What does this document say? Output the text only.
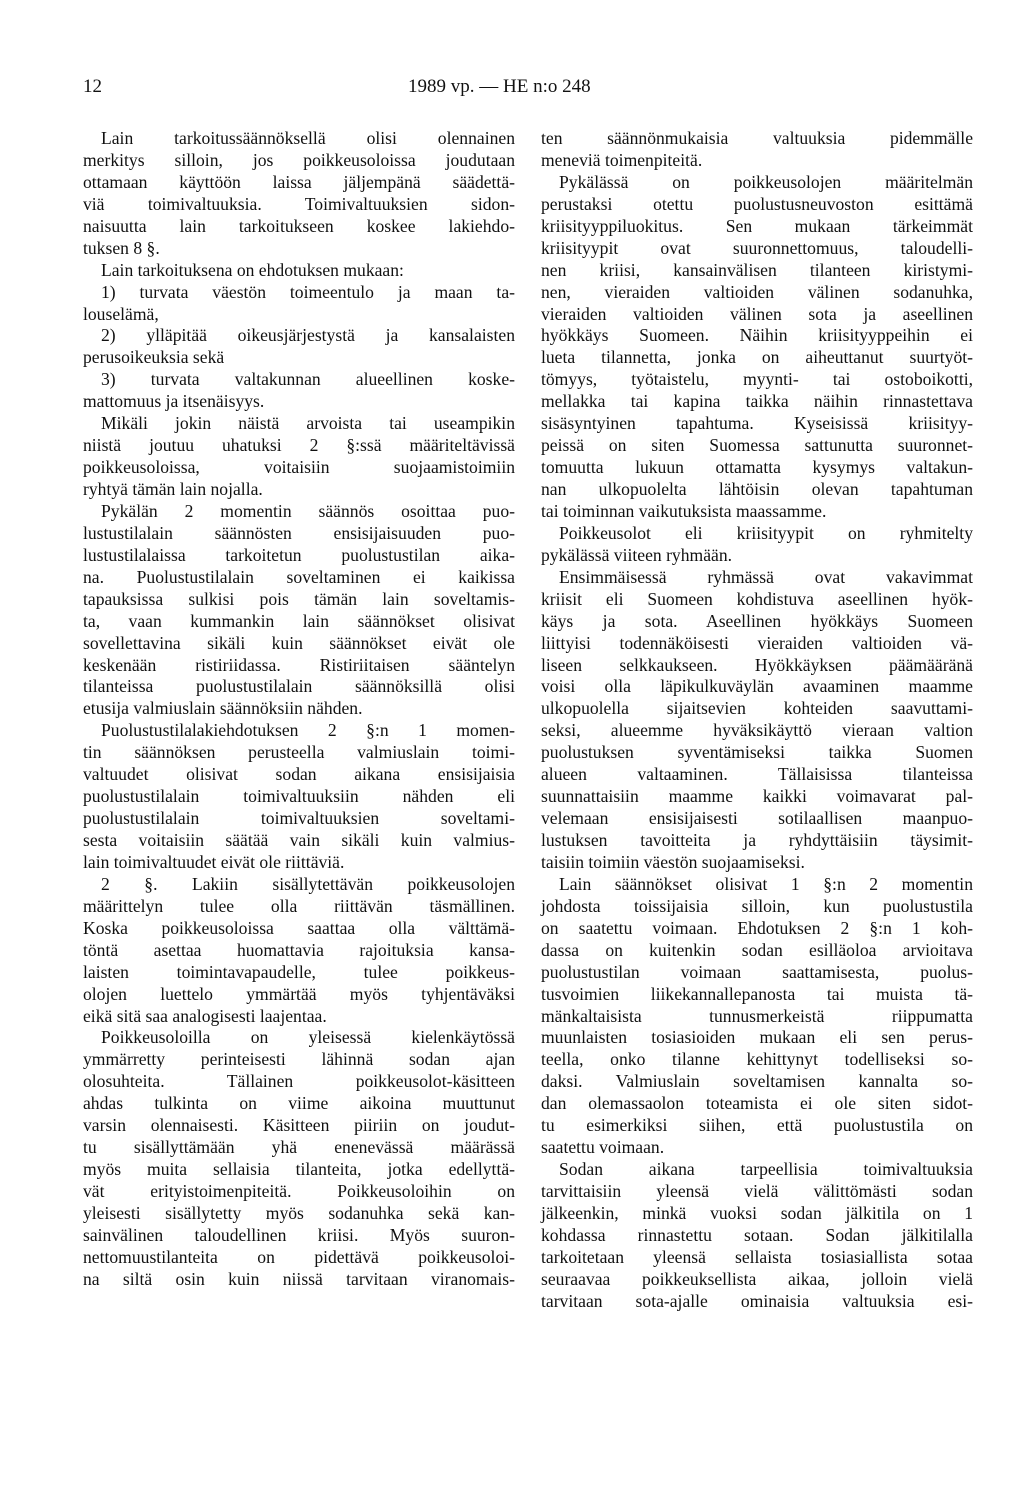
12	1989 vp. — HE n:o 248
Lain tarkoitussäännöksellä olisi olennainen
merkitys silloin, jos poikkeusoloissa joudutaan
ottamaan käyttöön laissa jäljempänä säädettä-
viä toimivaltuuksia. Toimivaltuuksien sidon-
naisuutta lain tarkoitukseen koskee lakiehdo-
tuksen 8 §.
Lain tarkoituksena on ehdotuksen mukaan:
1) turvata väestön toimeentulo ja maan ta-
louselämä,
2) ylläpitää oikeusjärjestystä ja kansalaisten
perusoikeuksia sekä
3) turvata valtakunnan alueellinen koske-
mattomuus ja itsenäisyys.
Mikäli jokin näistä arvoista tai useampikin
niistä joutuu uhatuksi 2 §:ssä määriteltävissä
poikkeusoloissa, voitaisiin suojaamistoimiin
ryhtyä tämän lain nojalla.
Pykälän 2 momentin säännös osoittaa puo-
lustustilalain säännösten ensisijaisuuden puo-
lustustilalaissa tarkoitetun puolustustilan aika-
na. Puolustustilalain soveltaminen ei kaikissa
tapauksissa sulkisi pois tämän lain soveltamis-
ta, vaan kummankin lain säännökset olisivat
sovellettavina sikäli kuin säännökset eivät ole
keskenään ristiriidassa. Ristiriitaisen sääntelyn
tilanteissa puolustustilalain säännöksillä olisi
etusija valmiuslain säännöksiin nähden.
Puolustustilalakiehdotuksen 2 §:n 1 momen-
tin säännöksen perusteella valmiuslain toimi-
valtuudet olisivat sodan aikana ensisijaisia
puolustustilalain toimivaltuuksiin nähden eli
puolustustilalain toimivaltuuksien soveltami-
sesta voitaisiin säätää vain sikäli kuin valmius-
lain toimivaltuudet eivät ole riittäviä.
2 §. Lakiin sisällytettävän poikkeusolojen
määrittelyn tulee olla riittävän täsmällinen.
Koska poikkeusoloissa saattaa olla välttämä-
töntä asettaa huomattavia rajoituksia kansa-
laisten toimintavapaudelle, tulee poikkeus-
olojen luettelo ymmärtää myös tyhjentäväksi
eikä sitä saa analogisesti laajentaa.
Poikkeusoloilla on yleisessä kielenkäytössä
ymmärretty perinteisesti lähinnä sodan ajan
olosuhteita. Tällainen poikkeusolot-käsitteen
ahdas tulkinta on viime aikoina muuttunut
varsin olennaisesti. Käsitteen piiriin on joudut-
tu sisällyttämään yhä enenevässä määrässä
myös muita sellaisia tilanteita, jotka edellyttä-
vät erityistoimenpiteitä. Poikkeusoloihin on
yleisesti sisällytetty myös sodanuhka sekä kan-
sainvälinen taloudellinen kriisi. Myös suuron-
nettomuustilanteita on pidettävä poikkeusoloi-
na siltä osin kuin niissä tarvitaan viranomais-
ten säännönmukaisia valtuuksia pidemmälle
meneviä toimenpiteitä.
Pykälässä on poikkeusolojen määritelmän
perustaksi otettu puolustusneuvoston esittämä
kriisityyppiluokitus. Sen mukaan tärkeimmät
kriisityypit ovat suuronnettomuus, taloudelli-
nen kriisi, kansainvälisen tilanteen kiristymi-
nen, vieraiden valtioiden välinen sodanuhka,
vieraiden valtioiden välinen sota ja aseellinen
hyökkäys Suomeen. Näihin kriisityyppeihin ei
lueta tilannetta, jonka on aiheuttanut suurtyöt-
tömyys, työtaistelu, myynti- tai ostoboikotti,
mellakka tai kapina taikka näihin rinnastettava
sisäsyntyinen tapahtuma. Kyseisissä kriisityy-
peissä on siten Suomessa sattunutta suuronnet-
tomuutta lukuun ottamatta kysymys valtakun-
nan ulkopuolelta lähtöisin olevan tapahtuman
tai toiminnan vaikutuksista maassamme.
Poikkeusolot eli kriisityypit on ryhmitelty
pykälässä viiteen ryhmään.
Ensimmäisessä ryhmässä ovat vakavimmat
kriisit eli Suomeen kohdistuva aseellinen hyök-
käys ja sota. Aseellinen hyökkäys Suomeen
liittyisi todennäköisesti vieraiden valtioiden vä-
liseen selkkaukseen. Hyökkäyksen päämääränä
voisi olla läpikulkuväylän avaaminen maamme
ulkopuolella sijaitsevien kohteiden saavuttami-
seksi, alueemme hyväksikäyttö vieraan valtion
puolustuksen syventämiseksi taikka Suomen
alueen valtaaminen. Tällaisissa tilanteissa
suunnattaisiin maamme kaikki voimavarat pal-
velemaan ensisijaisesti sotilaallisen maanpuo-
lustuksen tavoitteita ja ryhdyttäisiin täysimit-
taisiin toimiin väestön suojaamiseksi.
Lain säännökset olisivat 1 §:n 2 momentin
johdosta toissijaisia silloin, kun puolustustila
on saatettu voimaan. Ehdotuksen 2 §:n 1 koh-
dassa on kuitenkin sodan esilläoloa arvioitava
puolustustilan voimaan saattamisesta, puolus-
tusvoimien liikekannallepanosta tai muista tä-
mänkaltaisista tunnusmerkeistä riippumatta
muunlaisten tosiasioiden mukaan eli sen perus-
teella, onko tilanne kehittynyt todelliseksi so-
daksi. Valmiuslain soveltamisen kannalta so-
dan olemassaolon toteamista ei ole siten sidot-
tu esimerkiksi siihen, että puolustustila on
saatettu voimaan.
Sodan aikana tarpeellisia toimivaltuuksia
tarvittaisiin yleensä vielä välittömästi sodan
jälkeenkin, minkä vuoksi sodan jälkitila on 1
kohdassa rinnastettu sotaan. Sodan jälkitilalla
tarkoitetaan yleensä sellaista tosiasiallista sotaa
seuraavaa poikkeuksellista aikaa, jolloin vielä
tarvitaan sota-ajalle ominaisia valtuuksia esi-
